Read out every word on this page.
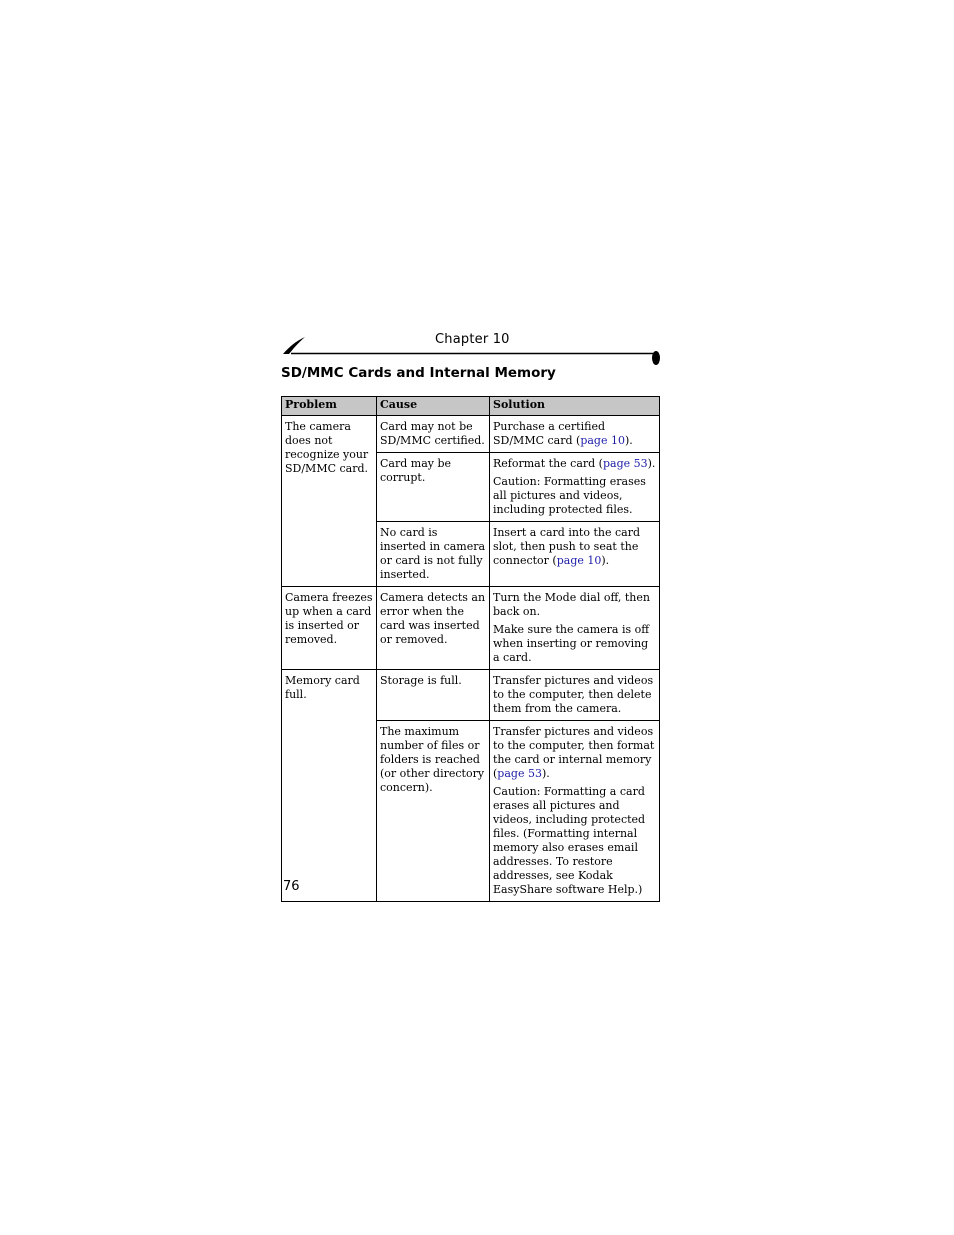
Chapter 10
SD/MMC Cards and Internal Memory
Problem	Cause	Solution
The camera does not recognize your SD/MMC card.	Card may not be SD/MMC certified.	Purchase a certified SD/MMC card (page 10).
	Card may be corrupt.	Reformat the card (page 53).

Caution: Formatting erases all pictures and videos, including protected files.

	No card is inserted in camera or card is not fully inserted.	Insert a card into the card slot, then push to seat the connector (page 10).
Camera freezes up when a card is inserted or removed.	Camera detects an error when the card was inserted or removed.	Turn the Mode dial off, then back on.

Make sure the camera is off when inserting or removing a card.

Memory card full.	Storage is full.	Transfer pictures and videos to the computer, then delete them from the camera.
	The maximum number of files or folders is reached (or other directory concern).	Transfer pictures and videos to the computer, then format the card or internal memory (page 53).

Caution: Formatting a card erases all pictures and videos, including protected files. (Formatting internal memory also erases email addresses. To restore addresses, see Kodak EasyShare software Help.)

76
